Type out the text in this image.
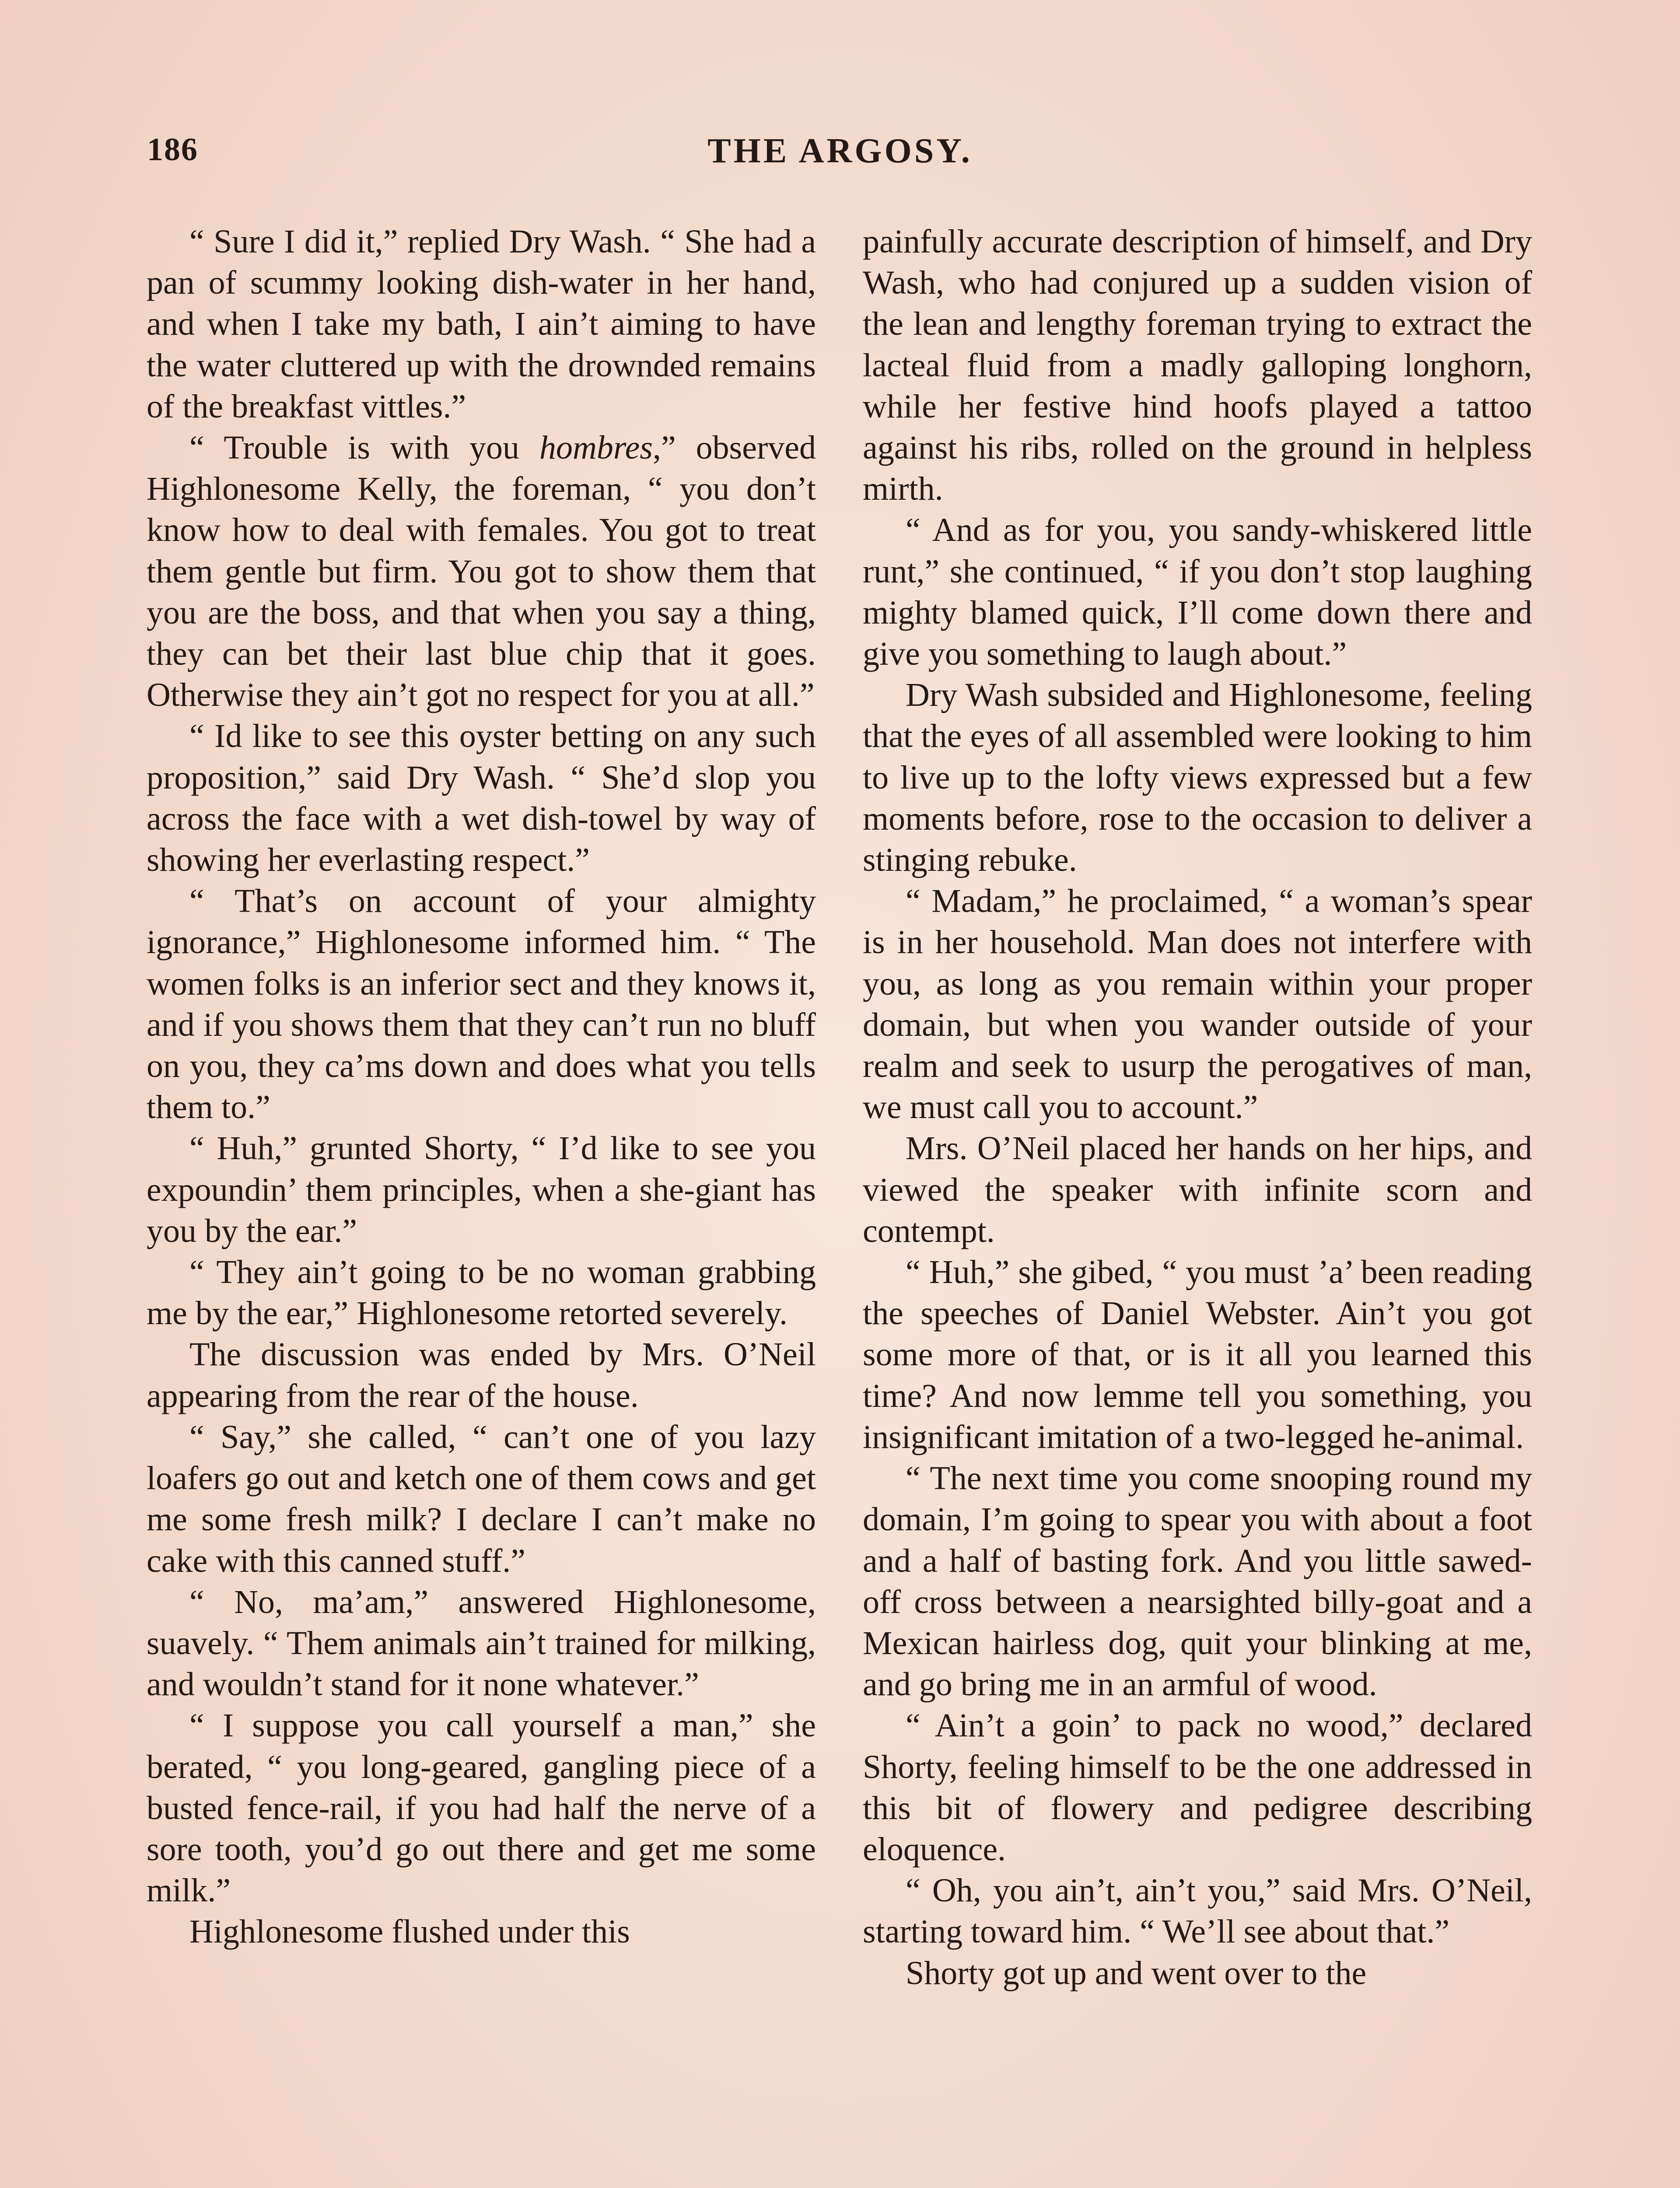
186	THE ARGOSY.

“ Sure I did it,” replied Dry Wash. “ She had a pan of scummy looking dish-water in her hand, and when I take my bath, I ain’t aiming to have the water cluttered up with the drownded remains of the breakfast vittles.”

“ Trouble is with you hombres,” observed Highlonesome Kelly, the foreman, “ you don’t know how to deal with females. You got to treat them gentle but firm. You got to show them that you are the boss, and that when you say a thing, they can bet their last blue chip that it goes. Otherwise they ain’t got no respect for you at all.”

“ Id like to see this oyster betting on any such proposition,” said Dry Wash. “ She’d slop you across the face with a wet dish-towel by way of showing her everlasting respect.”

“ That’s on account of your almighty ignorance,” Highlonesome informed him. “ The women folks is an inferior sect and they knows it, and if you shows them that they can’t run no bluff on you, they ca’ms down and does what you tells them to.”

“ Huh,” grunted Shorty, “ I’d like to see you expoundin’ them principles, when a she-giant has you by the ear.”

“ They ain’t going to be no woman grabbing me by the ear,” Highlonesome retorted severely.

The discussion was ended by Mrs. O’Neil appearing from the rear of the house.

“ Say,” she called, “ can’t one of you lazy loafers go out and ketch one of them cows and get me some fresh milk? I declare I can’t make no cake with this canned stuff.”

“ No, ma’am,” answered Highlonesome, suavely. “ Them animals ain’t trained for milking, and wouldn’t stand for it none whatever.”

“ I suppose you call yourself a man,” she berated, “ you long-geared, gangling piece of a busted fence-rail, if you had half the nerve of a sore tooth, you’d go out there and get me some milk.”

Highlonesome flushed under this

painfully accurate description of himself, and Dry Wash, who had conjured up a sudden vision of the lean and lengthy foreman trying to extract the lacteal fluid from a madly galloping longhorn, while her festive hind hoofs played a tattoo against his ribs, rolled on the ground in helpless mirth.

“ And as for you, you sandy-whiskered little runt,” she continued, “ if you don’t stop laughing mighty blamed quick, I’ll come down there and give you something to laugh about.”

Dry Wash subsided and Highlonesome, feeling that the eyes of all assembled were looking to him to live up to the lofty views expressed but a few moments before, rose to the occasion to deliver a stinging rebuke.

“ Madam,” he proclaimed, “ a woman’s spear is in her household. Man does not interfere with you, as long as you remain within your proper domain, but when you wander outside of your realm and seek to usurp the perogatives of man, we must call you to account.”

Mrs. O’Neil placed her hands on her hips, and viewed the speaker with infinite scorn and contempt.

“ Huh,” she gibed, “ you must ’a’ been reading the speeches of Daniel Webster. Ain’t you got some more of that, or is it all you learned this time? And now lemme tell you something, you insignificant imitation of a two-legged he-animal.

“ The next time you come snooping round my domain, I’m going to spear you with about a foot and a half of basting fork. And you little sawed-off cross between a nearsighted billy-goat and a Mexican hairless dog, quit your blinking at me, and go bring me in an armful of wood.

“ Ain’t a goin’ to pack no wood,” declared Shorty, feeling himself to be the one addressed in this bit of flowery and pedigree describing eloquence.

“ Oh, you ain’t, ain’t you,” said Mrs. O’Neil, starting toward him. “ We’ll see about that.”

Shorty got up and went over to the
